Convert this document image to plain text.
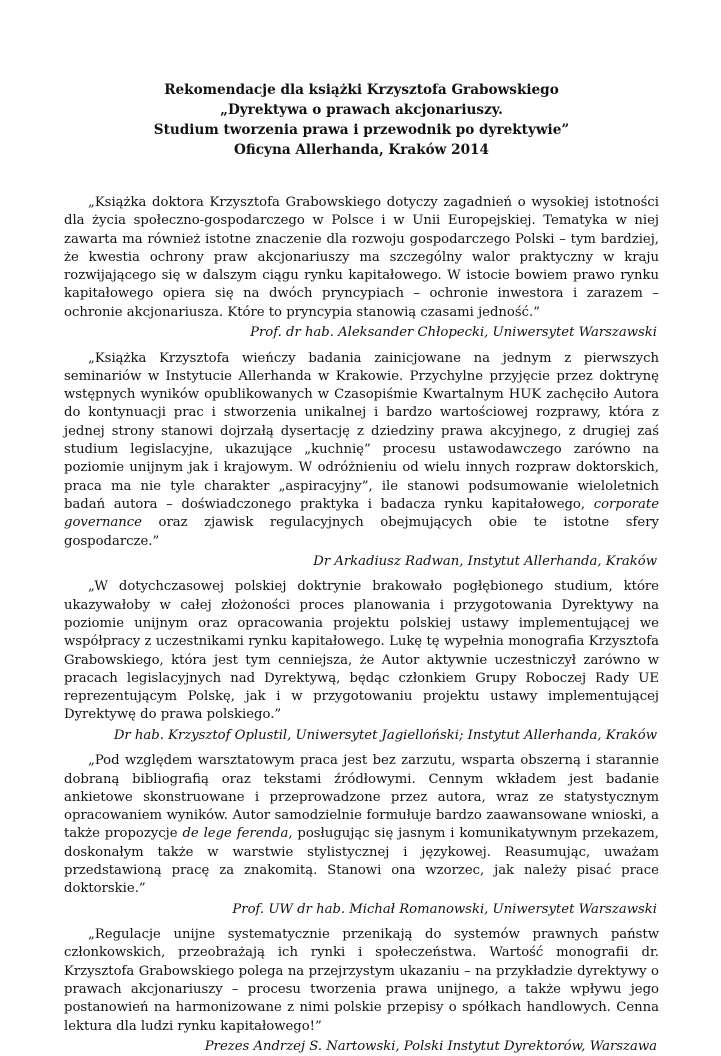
Rekomendacje dla książki Krzysztofa Grabowskiego

„Dyrektywa o prawach akcjonariuszy.

Studium tworzenia prawa i przewodnik po dyrektywie”

Oficyna Allerhanda, Kraków 2014

„Książka doktora Krzysztofa Grabowskiego dotyczy zagadnień o wysokiej istotności dla życia społeczno-gospodarczego w Polsce i w Unii Europejskiej. Tematyka w niej zawarta ma również istotne znaczenie dla rozwoju gospodarczego Polski – tym bardziej, że kwestia ochrony praw akcjonariuszy ma szczególny walor praktyczny w kraju rozwijającego się w dalszym ciągu rynku kapitałowego. W istocie bowiem prawo rynku kapitałowego opiera się na dwóch pryncypiach – ochronie inwestora i zarazem – ochronie akcjonariusza. Które to pryncypia stanowią czasami jedność.”

Prof. dr hab. Aleksander Chłopecki, Uniwersytet Warszawski

„Książka Krzysztofa wieńczy badania zainicjowane na jednym z pierwszych seminariów w Instytucie Allerhanda w Krakowie. Przychylne przyjęcie przez doktrynę wstępnych wyników opublikowanych w Czasopiśmie Kwartalnym HUK zachęciło Autora do kontynuacji prac i stworzenia unikalnej i bardzo wartościowej rozprawy, która z jednej strony stanowi dojrzałą dysertację z dziedziny prawa akcyjnego, z drugiej zaś studium legislacyjne, ukazujące „kuchnię” procesu ustawodawczego zarówno na poziomie unijnym jak i krajowym. W odróżnieniu od wielu innych rozpraw doktorskich, praca ma nie tyle charakter „aspiracyjny”, ile stanowi podsumowanie wieloletnich badań autora – doświadczonego praktyka i badacza rynku kapitałowego, corporate governance oraz zjawisk regulacyjnych obejmujących obie te istotne sfery gospodarcze.”

Dr Arkadiusz Radwan, Instytut Allerhanda, Kraków

„W dotychczasowej polskiej doktrynie brakowało pogłębionego studium, które ukazywałoby w całej złożoności proces planowania i przygotowania Dyrektywy na poziomie unijnym oraz opracowania projektu polskiej ustawy implementującej we współpracy z uczestnikami rynku kapitałowego. Lukę tę wypełnia monografia Krzysztofa Grabowskiego, która jest tym cenniejsza, że Autor aktywnie uczestniczył zarówno w pracach legislacyjnych nad Dyrektywą, będąc członkiem Grupy Roboczej Rady UE reprezentującym Polskę, jak i w przygotowaniu projektu ustawy implementującej Dyrektywę do prawa polskiego.”

Dr hab. Krzysztof Oplustil, Uniwersytet Jagielloński; Instytut Allerhanda, Kraków

„Pod względem warsztatowym praca jest bez zarzutu, wsparta obszerną i starannie dobraną bibliografią oraz tekstami źródłowymi. Cennym wkładem jest badanie ankietowe skonstruowane i przeprowadzone przez autora, wraz ze statystycznym opracowaniem wyników. Autor samodzielnie formułuje bardzo zaawansowane wnioski, a także propozycje de lege ferenda, posługując się jasnym i komunikatywnym przekazem, doskonałym także w warstwie stylistycznej i językowej. Reasumując, uważam przedstawioną pracę za znakomitą. Stanowi ona wzorzec, jak należy pisać prace doktorskie.”

Prof. UW dr hab. Michał Romanowski, Uniwersytet Warszawski

„Regulacje unijne systematycznie przenikają do systemów prawnych państw członkowskich, przeobrażają ich rynki i społeczeństwa. Wartość monografii dr. Krzysztofa Grabowskiego polega na przejrzystym ukazaniu – na przykładzie dyrektywy o prawach akcjonariuszy – procesu tworzenia prawa unijnego, a także wpływu jego postanowień na harmonizowane z nimi polskie przepisy o spółkach handlowych. Cenna lektura dla ludzi rynku kapitałowego!”

Prezes Andrzej S. Nartowski, Polski Instytut Dyrektorów, Warszawa
